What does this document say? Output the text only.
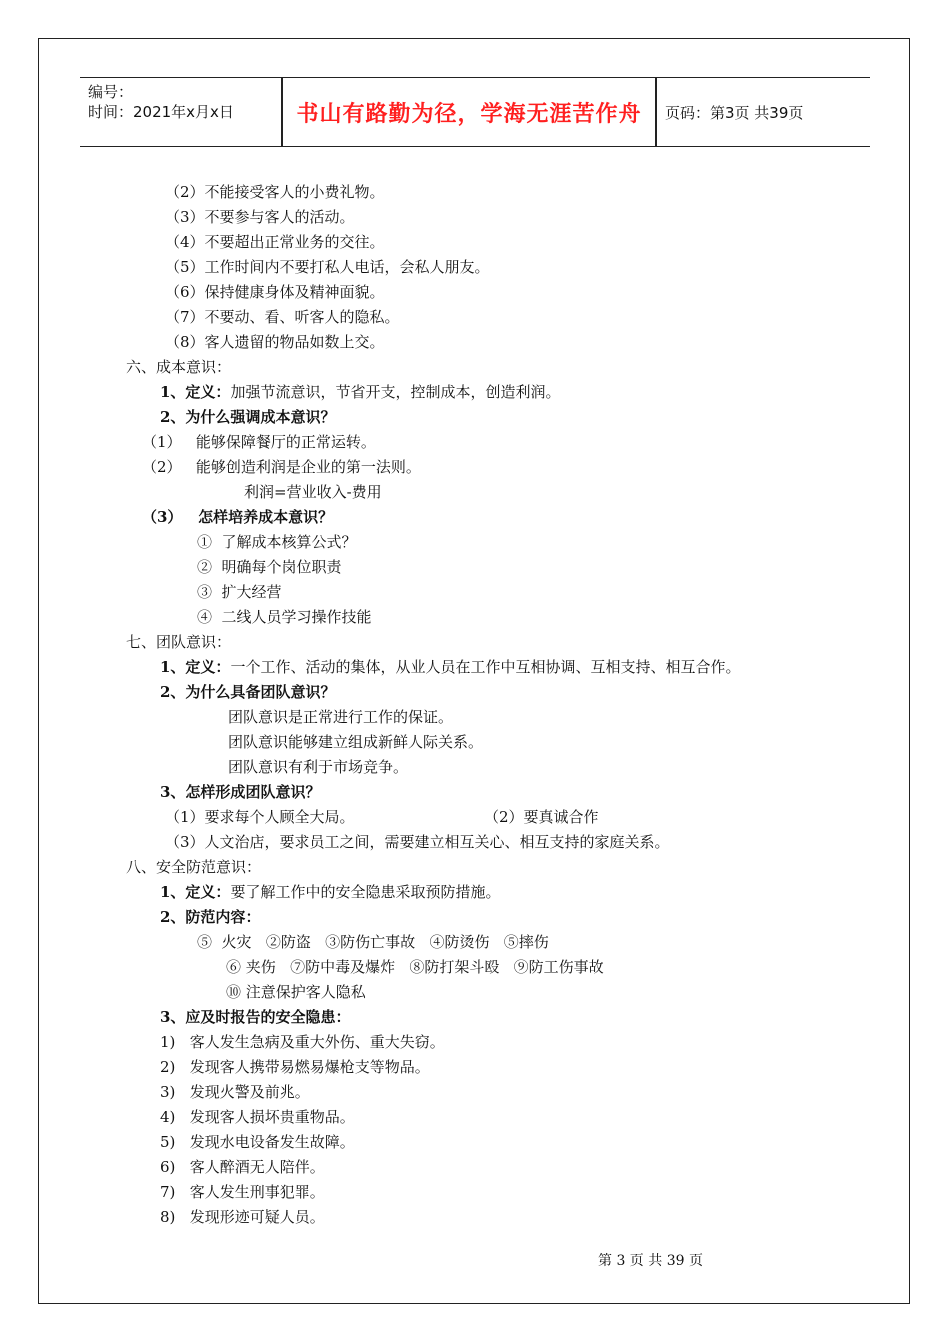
编号：
时间：2021年x月x日	书山有路勤为径，学海无涯苦作舟	页码：第3页 共39页
（2）不能接受客人的小费礼物。
（3）不要参与客人的活动。
（4）不要超出正常业务的交往。
（5）工作时间内不要打私人电话，会私人朋友。
（6）保持健康身体及精神面貌。
（7）不要动、看、听客人的隐私。
（8）客人遗留的物品如数上交。
六、成本意识：
1、定义：加强节流意识，节省开支，控制成本，创造利润。
2、为什么强调成本意识？
（1）   能够保障餐厅的正常运转。
（2）   能够创造利润是企业的第一法则。
利润=营业收入-费用
（3）   怎样培养成本意识？
①  了解成本核算公式？
②  明确每个岗位职责
③  扩大经营
④  二线人员学习操作技能
七、团队意识：
1、定义：一个工作、活动的集体，从业人员在工作中互相协调、互相支持、相互合作。
2、为什么具备团队意识？
团队意识是正常进行工作的保证。
团队意识能够建立组成新鲜人际关系。
团队意识有利于市场竞争。
3、怎样形成团队意识？
（1）要求每个人顾全大局。	（2）要真诚合作
（3）人文治店，要求员工之间，需要建立相互关心、相互支持的家庭关系。
八、安全防范意识：
1、定义：要了解工作中的安全隐患采取预防措施。
2、防范内容：
⑤  火灾   ②防盗   ③防伤亡事故   ④防烫伤   ⑤摔伤
⑥ 夹伤   ⑦防中毒及爆炸   ⑧防打架斗殴   ⑨防工伤事故
⑩ 注意保护客人隐私
3、应及时报告的安全隐患：
1)   客人发生急病及重大外伤、重大失窃。
2)   发现客人携带易燃易爆枪支等物品。
3)   发现火警及前兆。
4)   发现客人损坏贵重物品。
5)   发现水电设备发生故障。
6)   客人醉酒无人陪伴。
7)   客人发生刑事犯罪。
8)   发现形迹可疑人员。
第 3 页 共 39 页
